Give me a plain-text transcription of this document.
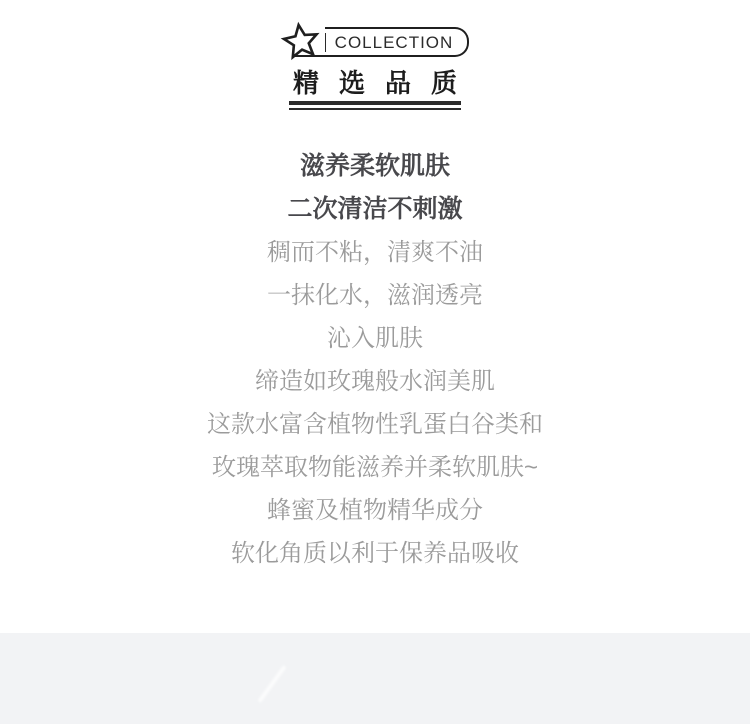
COLLECTION
精选品质

滋养柔软肌肤

二次清洁不刺激

稠而不粘，清爽不油

一抹化水，滋润透亮

沁入肌肤

缔造如玫瑰般水润美肌

这款水富含植物性乳蛋白谷类和

玫瑰萃取物能滋养并柔软肌肤~

蜂蜜及植物精华成分

软化角质以利于保养品吸收
